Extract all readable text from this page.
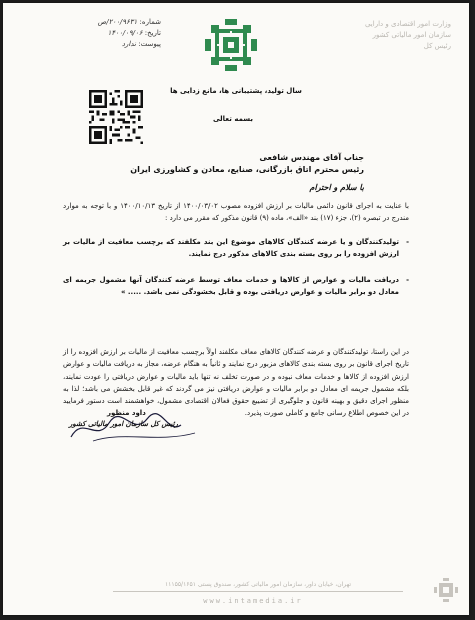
شماره: ۲۰۰/۹۶۳۱/ص
تاریخ: ۱۴۰۰/۰۹/۰۶
پیوست: ندارد
وزارت امور اقتصادی و دارایی
سازمان امور مالیاتی کشور
رئیس کل
سال تولید، پشتیبانی ها، مانع زدایی ها
بسمه تعالی
جناب آقای مهندس شافعی
رئیس محترم اتاق بازرگانی، صنایع، معادن و کشاورزی ایران
با سلام و احترام
با عنایت به اجرای قانون دائمی مالیات بر ارزش افزوده مصوب ۱۴۰۰/۰۳/۰۲ از تاریخ ۱۴۰۰/۱۰/۱۳ و با توجه به موارد مندرج در تبصره (۲)، جزء (۱۷) بند «الف»، ماده (۹) قانون مذکور که مقرر می دارد :
-
تولیدکنندگان و یا عرضه کنندگان کالاهای موضوع این بند مکلفند که برچسب معافیت از مالیات بر ارزش افزوده را بر روی بسته بندی کالاهای مذکور درج نمایند.
-
دریافت مالیات و عوارض از کالاها و خدمات معاف توسط عرضه کنندگان آنها مشمول جریمه ای معادل دو برابر مالیات و عوارض دریافتی بوده و قابل بخشودگی نمی باشد. ..... »
در این راستا، تولیدکنندگان و عرضه کنندگان کالاهای معاف مکلفند اولاً برچسب معافیت از مالیات بر ارزش افزوده را از تاریخ اجرای قانون بر روی بسته بندی کالاهای مزبور درج نمایند و ثانیاً به هنگام عرضه، مجاز به دریافت مالیات و عوارض ارزش افزوده از کالاها و خدمات معاف نبوده و در صورت تخلف نه تنها باید مالیات و عوارض دریافتی را عودت نمایند، بلکه مشمول جریمه ای معادل دو برابر مالیات و عوارض دریافتی نیز می گردند که غیر قابل بخشش می باشد؛ لذا به منظور اجرای دقیق و بهینه قانون و جلوگیری از تضییع حقوق فعالان اقتصادی مشمول، خواهشمند است دستور فرمایید در این خصوص اطلاع رسانی جامع و کاملی صورت پذیرد.
داود منظور
رئیس کل سازمان امور مالیاتی کشور
تهران، خیابان داور، سازمان امور مالیاتی کشور، صندوق پستی ۱۱۱۵۵/۱۶۵۱
www.intamedia.ir
